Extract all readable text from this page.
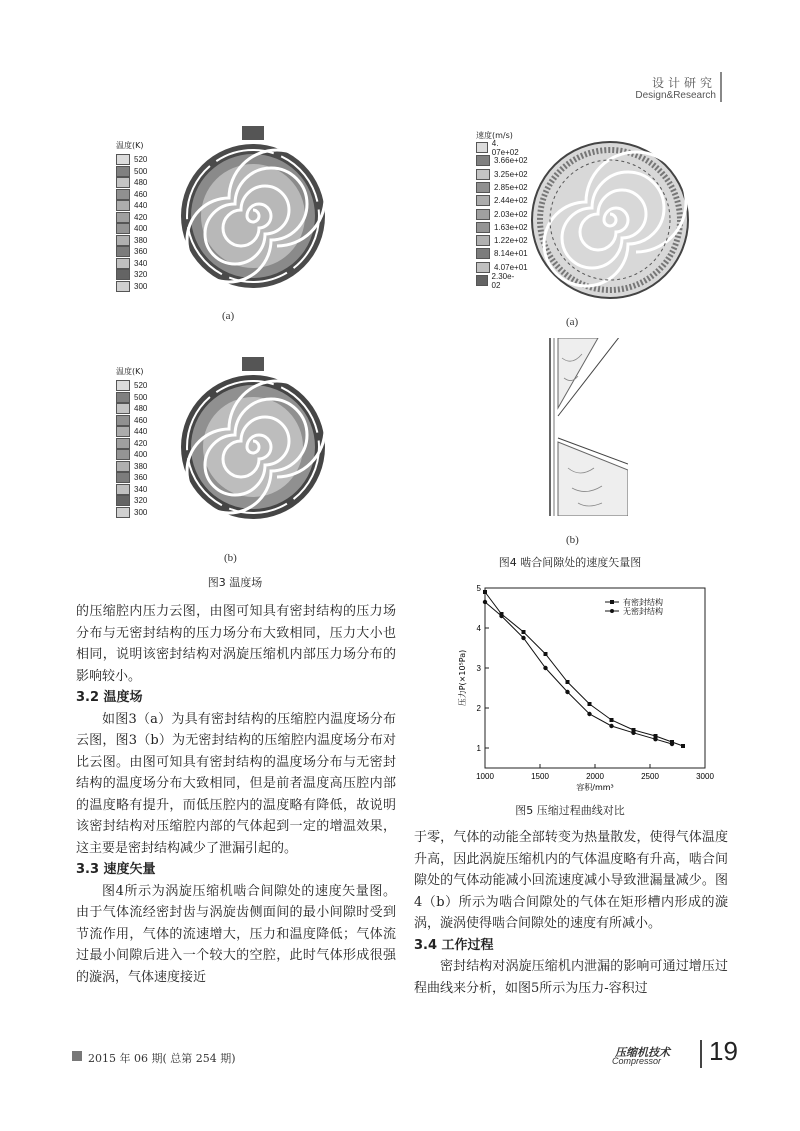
设计研究
Design&Research
温度(K)
520
500
480
460
440
420
400
380
360
340
320
300
(a)
温度(K)
520
500
480
460
440
420
400
380
360
340
320
300
(b)
图3 温度场
速度(m/s)
4. 07e+02
3.66e+02
3.25e+02
2.85e+02
2.44e+02
2.03e+02
1.63e+02
1.22e+02
8.14e+01
4.07e+01
2.30e-02
(a)
(b)
图4 啮合间隙处的速度矢量图
1000	1500	2000	2500	3000
1
2
3
4
5
容积/mm³
压力P(×10⁵Pa)
有密封结构
无密封结构
图5 压缩过程曲线对比

的压缩腔内压力云图，由图可知具有密封结构的压力场分布与无密封结构的压力场分布大致相同，压力大小也相同，说明该密封结构对涡旋压缩机内部压力场分布的影响较小。

3.2 温度场

如图3（a）为具有密封结构的压缩腔内温度场分布云图，图3（b）为无密封结构的压缩腔内温度场分布对比云图。由图可知具有密封结构的温度场分布与无密封结构的温度场分布大致相同，但是前者温度高压腔内部的温度略有提升，而低压腔内的温度略有降低，故说明该密封结构对压缩腔内部的气体起到一定的增温效果，这主要是密封结构减少了泄漏引起的。

3.3 速度矢量

图4所示为涡旋压缩机啮合间隙处的速度矢量图。由于气体流经密封齿与涡旋齿侧面间的最小间隙时受到节流作用，气体的流速增大，压力和温度降低；气体流过最小间隙后进入一个较大的空腔，此时气体形成很强的漩涡，气体速度接近

于零，气体的动能全部转变为热量散发，使得气体温度升高，因此涡旋压缩机内的气体温度略有升高，啮合间隙处的气体动能减小回流速度减小导致泄漏量减少。图4（b）所示为啮合间隙处的气体在矩形槽内形成的漩涡，漩涡使得啮合间隙处的速度有所减小。

3.4 工作过程

密封结构对涡旋压缩机内泄漏的影响可通过增压过程曲线来分析，如图5所示为压力-容积过

2015 年 06 期( 总第 254 期)	压缩机技术
Compressor 19
